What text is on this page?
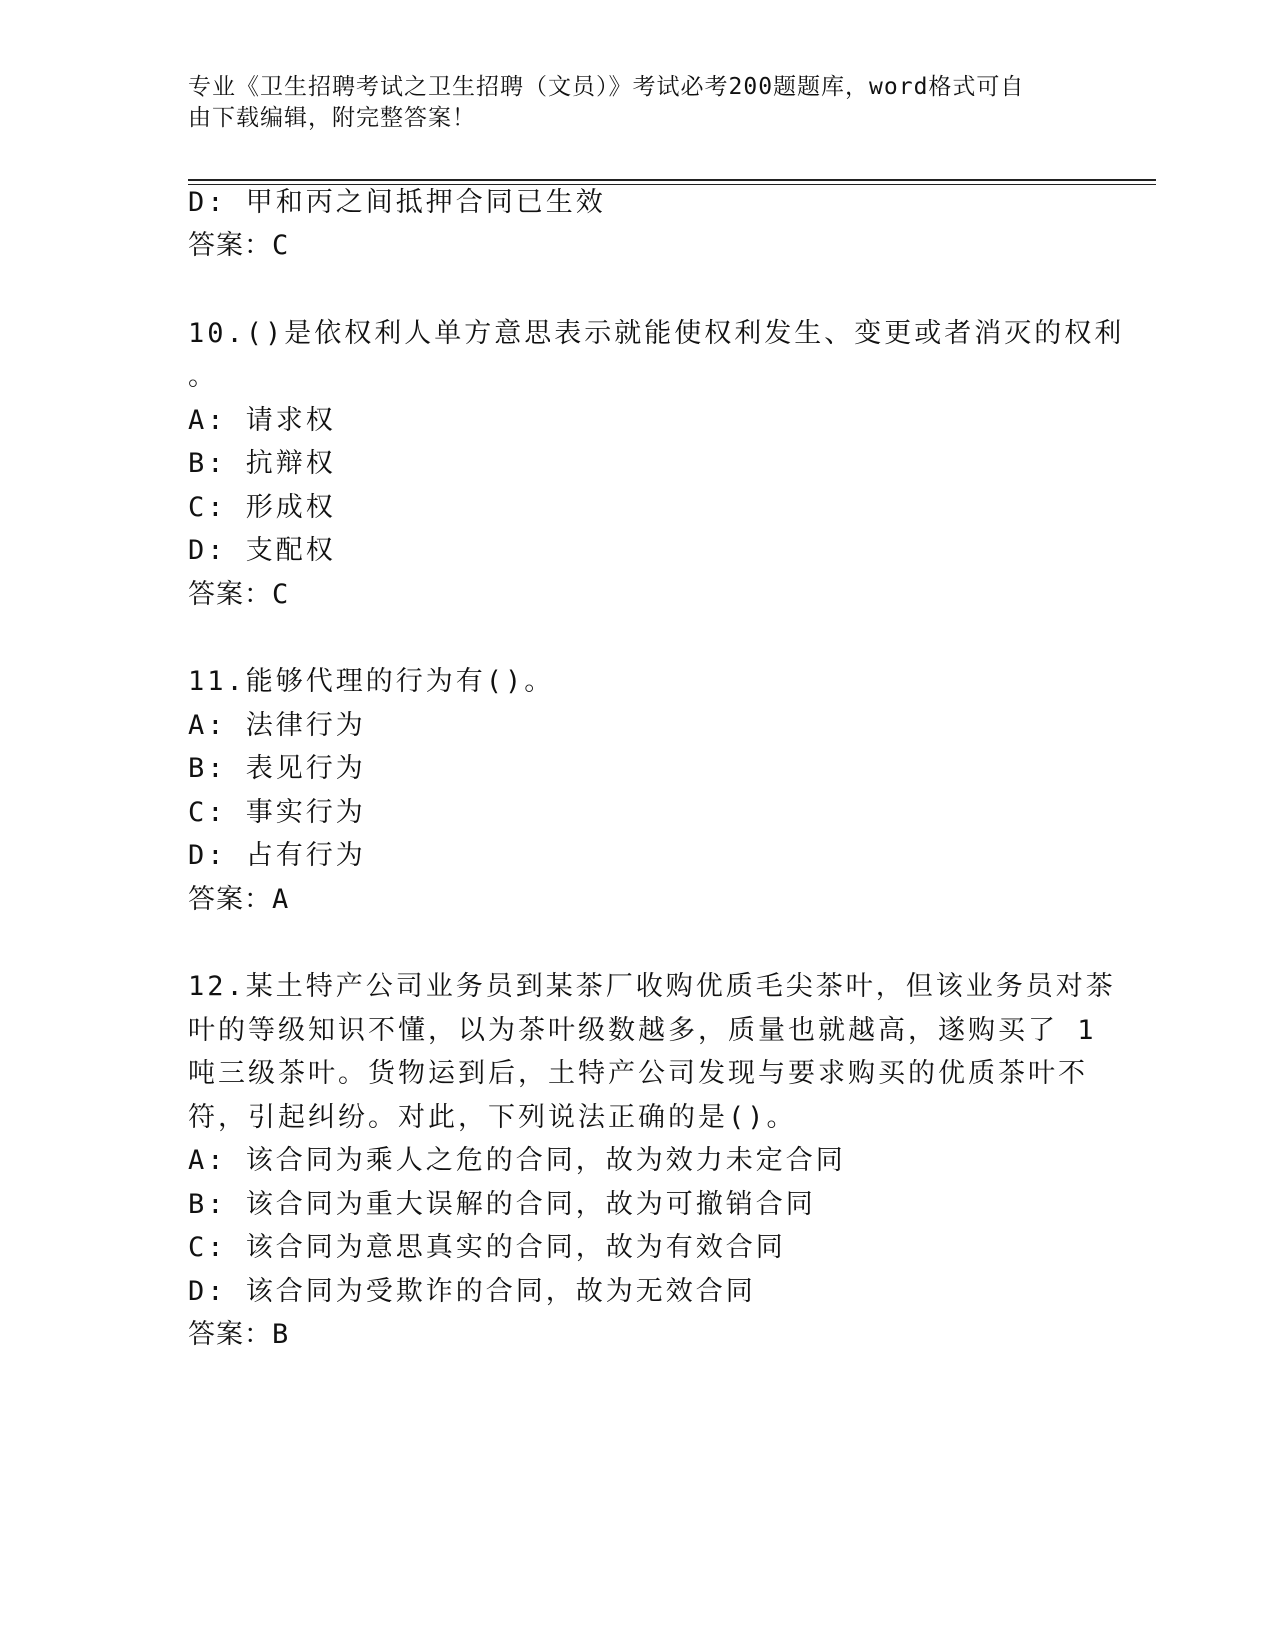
专业《卫生招聘考试之卫生招聘（文员）》考试必考200题题库，word格式可自
由下载编辑，附完整答案！
D: 甲和丙之间抵押合同已生效
答案：C
10.()是依权利人单方意思表示就能使权利发生、变更或者消灭的权利
。
A: 请求权
B: 抗辩权
C: 形成权
D: 支配权
答案：C
11.能够代理的行为有()。
A: 法律行为
B: 表见行为
C: 事实行为
D: 占有行为
答案：A
12.某土特产公司业务员到某茶厂收购优质毛尖茶叶，但该业务员对茶
叶的等级知识不懂，以为茶叶级数越多，质量也就越高，遂购买了 1
吨三级茶叶。货物运到后，土特产公司发现与要求购买的优质茶叶不
符，引起纠纷。对此，下列说法正确的是()。
A: 该合同为乘人之危的合同，故为效力未定合同
B: 该合同为重大误解的合同，故为可撤销合同
C: 该合同为意思真实的合同，故为有效合同
D: 该合同为受欺诈的合同，故为无效合同
答案：B
